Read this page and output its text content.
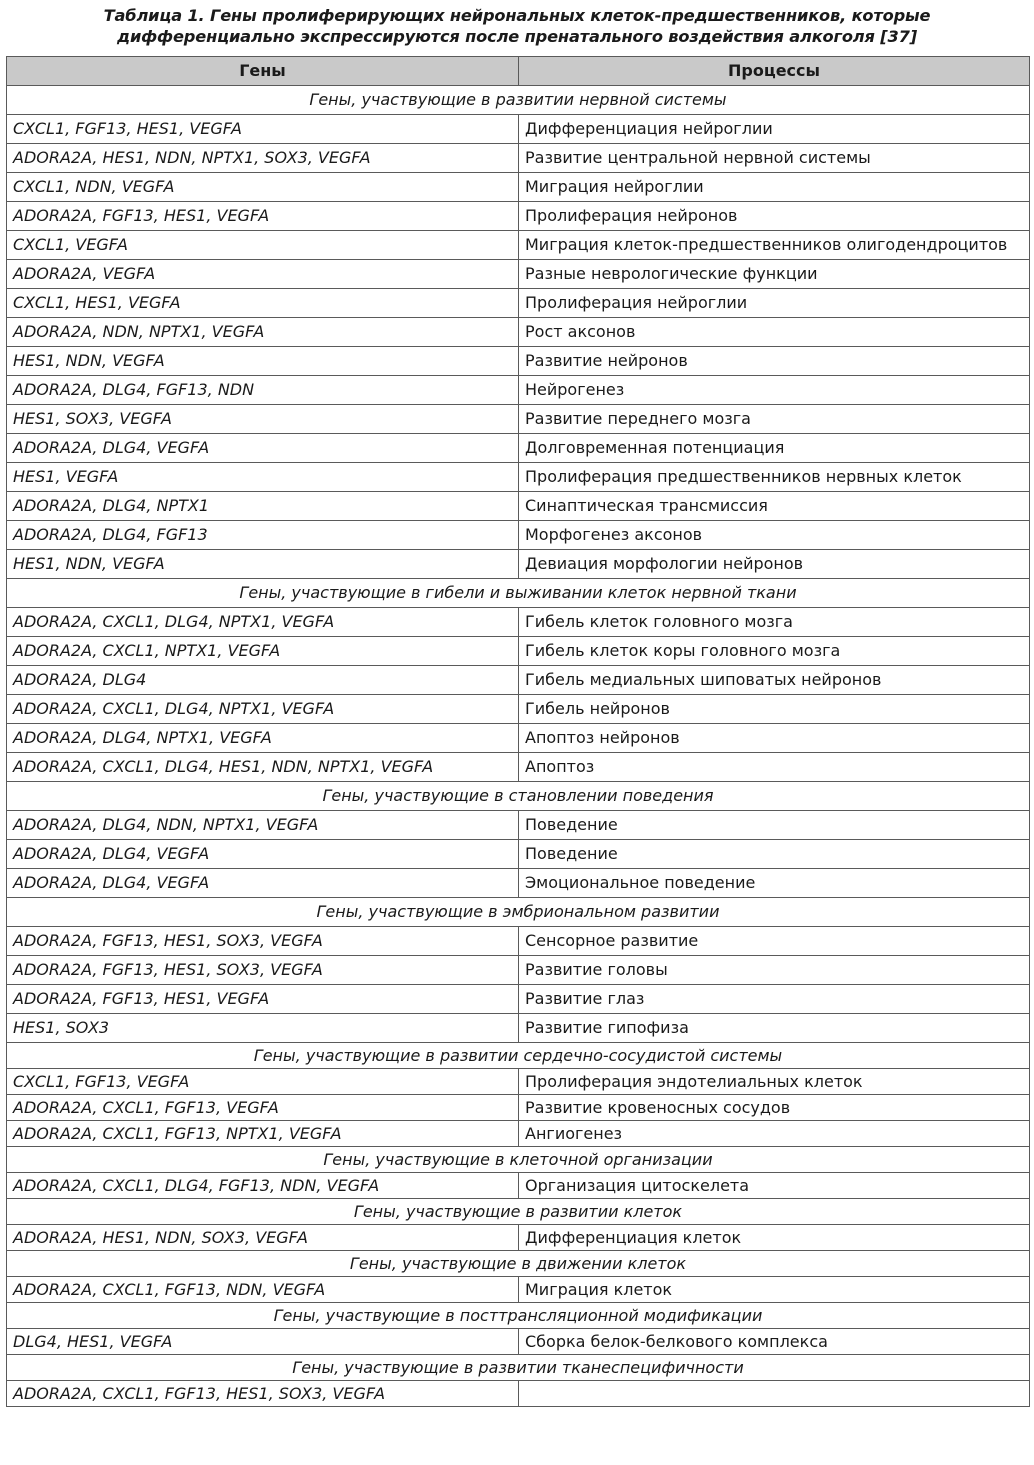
Таблица 1. Гены пролиферирующих нейрональных клеток-предшественников, которые
дифференциально экспрессируются после пренатального воздействия алкоголя [37]
Гены	Процессы
Гены, участвующие в развитии нервной системы	
CXCL1, FGF13, HES1, VEGFA	Дифференциация нейроглии
ADORA2A, HES1, NDN, NPTX1, SOX3, VEGFA	Развитие центральной нервной системы
CXCL1, NDN, VEGFA	Миграция нейроглии
ADORA2A, FGF13, HES1, VEGFA	Пролиферация нейронов
CXCL1, VEGFA	Миграция клеток-предшественников олигодендроцитов
ADORA2A, VEGFA	Разные неврологические функции
CXCL1, HES1, VEGFA	Пролиферация нейроглии
ADORA2A, NDN, NPTX1, VEGFA	Рост аксонов
HES1, NDN, VEGFA	Развитие нейронов
ADORA2A, DLG4, FGF13, NDN	Нейрогенез
HES1, SOX3, VEGFA	Развитие переднего мозга
ADORA2A, DLG4, VEGFA	Долговременная потенциация
HES1, VEGFA	Пролиферация предшественников нервных клеток
ADORA2A, DLG4, NPTX1	Синаптическая трансмиссия
ADORA2A, DLG4, FGF13	Морфогенез аксонов
HES1, NDN, VEGFA	Девиация морфологии нейронов
Гены, участвующие в гибели и выживании клеток нервной ткани	
ADORA2A, CXCL1, DLG4, NPTX1, VEGFA	Гибель клеток головного мозга
ADORA2A, CXCL1, NPTX1, VEGFA	Гибель клеток коры головного мозга
ADORA2A, DLG4	Гибель медиальных шиповатых нейронов
ADORA2A, CXCL1, DLG4, NPTX1, VEGFA	Гибель нейронов
ADORA2A, DLG4, NPTX1, VEGFA	Апоптоз нейронов
ADORA2A, CXCL1, DLG4, HES1, NDN, NPTX1, VEGFA	Апоптоз
Гены, участвующие в становлении поведения	
ADORA2A, DLG4, NDN, NPTX1, VEGFA	Поведение
ADORA2A, DLG4, VEGFA	Поведение
ADORA2A, DLG4, VEGFA	Эмоциональное поведение
Гены, участвующие в эмбриональном развитии	
ADORA2A, FGF13, HES1, SOX3, VEGFA	Сенсорное развитие
ADORA2A, FGF13, HES1, SOX3, VEGFA	Развитие головы
ADORA2A, FGF13, HES1, VEGFA	Развитие глаз
HES1, SOX3	Развитие гипофиза
Гены, участвующие в развитии сердечно-сосудистой системы	
CXCL1, FGF13, VEGFA	Пролиферация эндотелиальных клеток
ADORA2A, CXCL1, FGF13, VEGFA	Развитие кровеносных сосудов
ADORA2A, CXCL1, FGF13, NPTX1, VEGFA	Ангиогенез
Гены, участвующие в клеточной организации	
ADORA2A, CXCL1, DLG4, FGF13, NDN, VEGFA	Организация цитоскелета
Гены, участвующие в развитии клеток	
ADORA2A, HES1, NDN, SOX3, VEGFA	Дифференциация клеток
Гены, участвующие в движении клеток	
ADORA2A, CXCL1, FGF13, NDN, VEGFA	Миграция клеток
Гены, участвующие в посттрансляционной модификации	
DLG4, HES1, VEGFA	Сборка белок-белкового комплекса
Гены, участвующие в развитии тканеспецифичности	
ADORA2A, CXCL1, FGF13, HES1, SOX3, VEGFA	
